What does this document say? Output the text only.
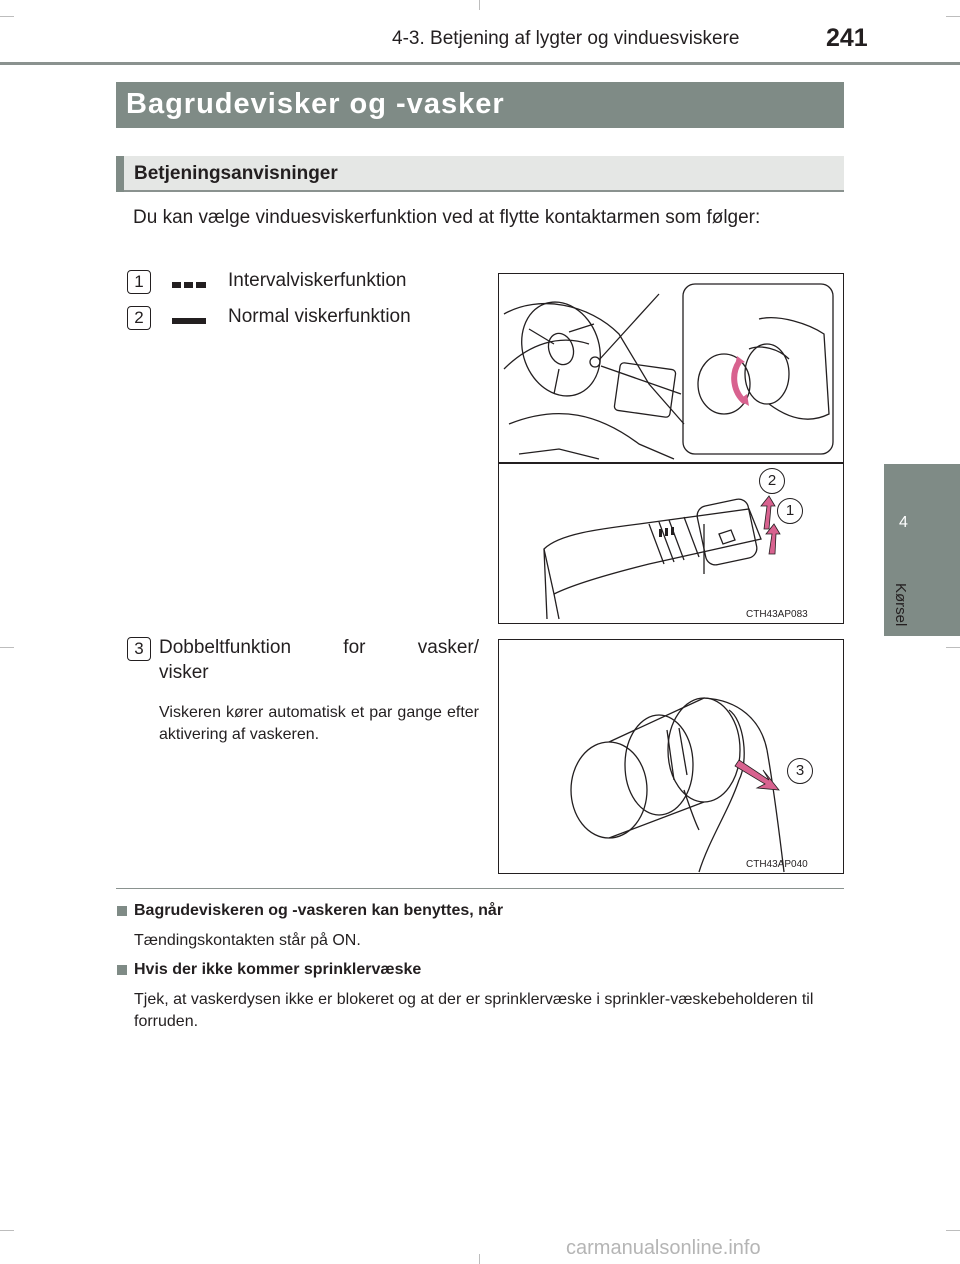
4-3. Betjening af lygter og vinduesviskere	241
4
Kørsel
Bagrudevisker og -vasker
Betjeningsanvisninger
Du kan vælge vinduesviskerfunktion ved at flytte kontaktarmen som følger:
1	Intervalviskerfunktion
2	Normal viskerfunktion
2
1
CTH43AP083
3 Dobbeltfunktion for vasker/
visker
Viskeren kører automatisk et par gange efter aktivering af vaskeren.
3
CTH43AP040
Bagrudeviskeren og -vaskeren kan benyttes, når
Tændingskontakten står på ON.
Hvis der ikke kommer sprinklervæske
Tjek, at vaskerdysen ikke er blokeret og at der er sprinklervæske i sprinkler-væskebeholderen til forruden.
carmanualsonline.info
